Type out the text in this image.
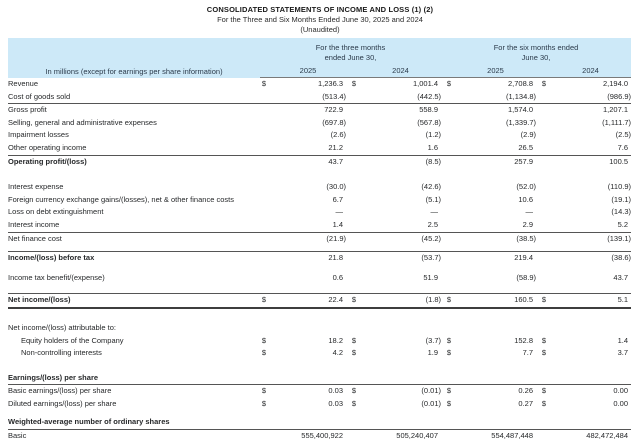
CONSOLIDATED STATEMENTS OF INCOME AND LOSS (1) (2)
For the Three and Six Months Ended June 30, 2025 and 2024
(Unaudited)
In millions (except for earnings per share information)	For the three months
ended June 30,				For the six months ended
June 30,			
		2025		2024		2025		2024
Revenue	$	1,236.3	$	1,001.4	$	2,708.8	$	2,194.0
Cost of goods sold		(513.4)		(442.5)		(1,134.8)		(986.9)
Gross profit		722.9		558.9		1,574.0		1,207.1
Selling, general and administrative expenses		(697.8)		(567.8)		(1,339.7)		(1,111.7)
Impairment losses		(2.6)		(1.2)		(2.9)		(2.5)
Other operating income		21.2		1.6		26.5		7.6
Operating profit/(loss)		43.7		(8.5)		257.9		100.5

Interest expense		(30.0)		(42.6)		(52.0)		(110.9)
Foreign currency exchange gains/(losses), net & other finance costs		6.7		(5.1)		10.6		(19.1)
Loss on debt extinguishment		—		—		—		(14.3)
Interest income		1.4		2.5		2.9		5.2
Net finance cost		(21.9)		(45.2)		(38.5)		(139.1)

Income/(loss) before tax		21.8		(53.7)		219.4		(38.6)

Income tax benefit/(expense)		0.6		51.9		(58.9)		43.7

Net income/(loss)	$	22.4	$	(1.8)	$	160.5	$	5.1

Net income/(loss) attributable to:								
Equity holders of the Company	$	18.2	$	(3.7)	$	152.8	$	1.4
Non-controlling interests	$	4.2	$	1.9	$	7.7	$	3.7

Earnings/(loss) per share								
Basic earnings/(loss) per share	$	0.03	$	(0.01)	$	0.26	$	0.00
Diluted earnings/(loss) per share	$	0.03	$	(0.01)	$	0.27	$	0.00

Weighted-average number of ordinary shares								
Basic		555,400,922		505,240,407		554,487,448		482,472,484
